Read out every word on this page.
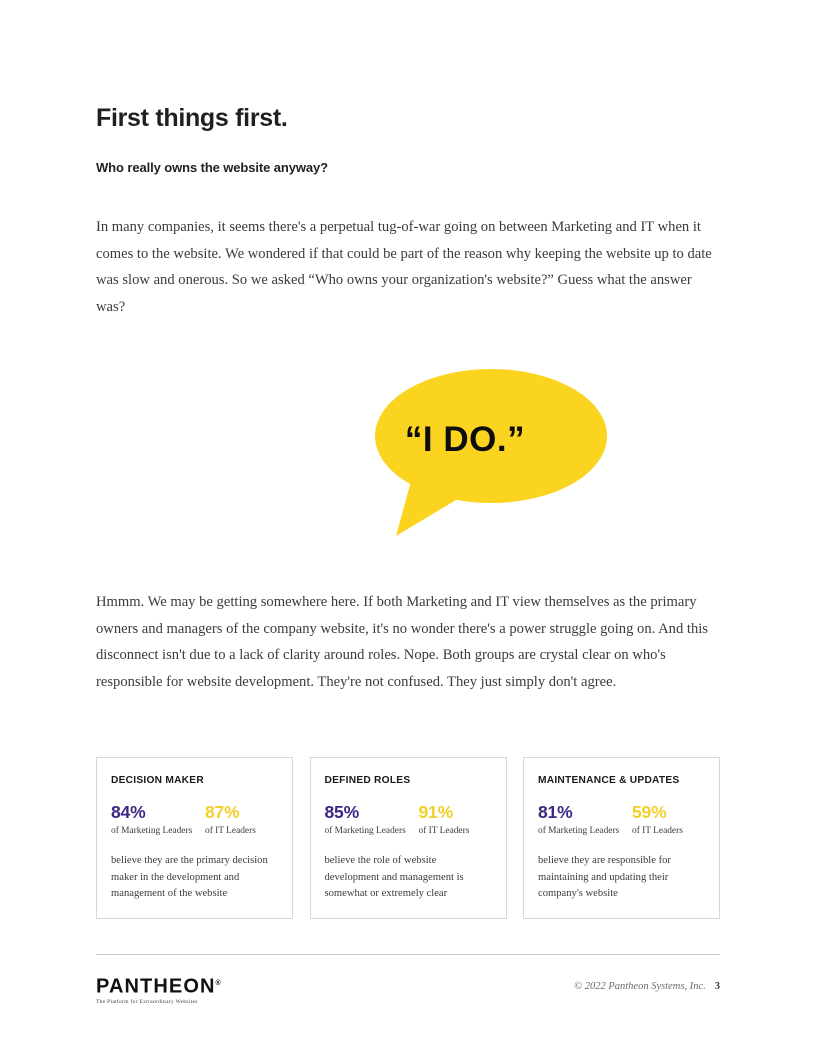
First things first.
Who really owns the website anyway?

In many companies, it seems there's a perpetual tug-of-war going on between Marketing and IT when it comes to the website. We wondered if that could be part of the reason why keeping the website up to date was slow and onerous. So we asked “Who owns your organization's website?” Guess what the answer was?

“I DO.”

Hmmm. We may be getting somewhere here. If both Marketing and IT view themselves as the primary owners and managers of the company website, it's no wonder there's a power struggle going on. And this disconnect isn't due to a lack of clarity around roles. Nope. Both groups are crystal clear on who's responsible for website development. They're not confused. They just simply don't agree.

DECISION MAKER
84%
of Marketing Leaders
87%
of IT Leaders

believe they are the primary decision maker in the development and management of the website

DEFINED ROLES
85%
of Marketing Leaders
91%
of IT Leaders

believe the role of website development and management is somewhat or extremely clear

MAINTENANCE & UPDATES
81%
of Marketing Leaders
59%
of IT Leaders

believe they are responsible for maintaining and updating their company's website

PANTHEON®
The Platform for Extraordinary Websites
© 2022 Pantheon Systems, Inc. 3
